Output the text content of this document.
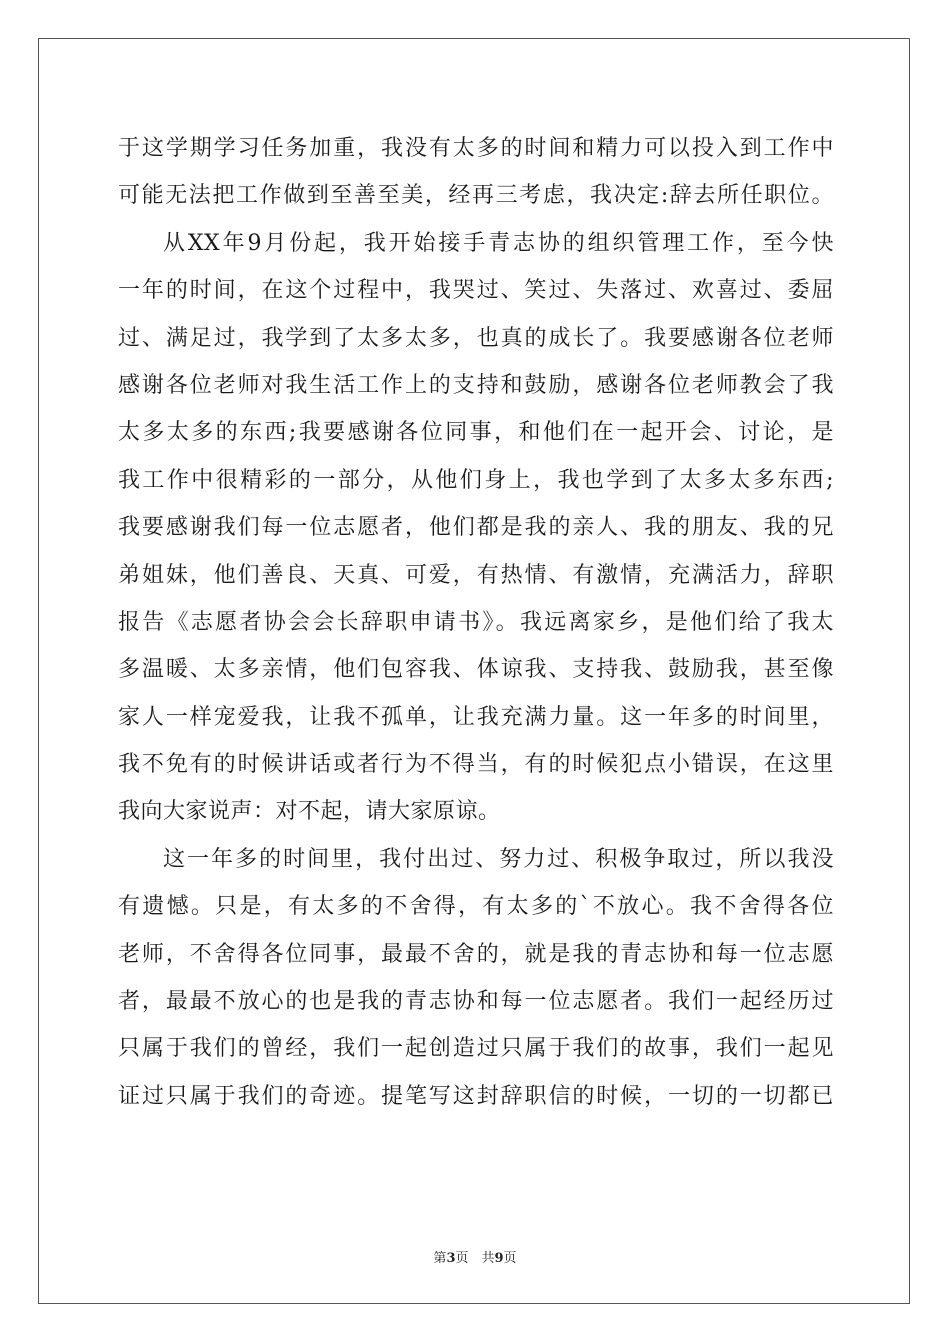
于这学期学习任务加重，我没有太多的时间和精力可以投入到工作中
可能无法把工作做到至善至美，经再三考虑，我决定:辞去所任职位。
从XX年9月份起，我开始接手青志协的组织管理工作，至今快
一年的时间，在这个过程中，我哭过、笑过、失落过、欢喜过、委屈
过、满足过，我学到了太多太多，也真的成长了。我要感谢各位老师
感谢各位老师对我生活工作上的支持和鼓励，感谢各位老师教会了我
太多太多的东西;我要感谢各位同事，和他们在一起开会、讨论，是
我工作中很精彩的一部分，从他们身上，我也学到了太多太多东西;
我要感谢我们每一位志愿者，他们都是我的亲人、我的朋友、我的兄
弟姐妹，他们善良、天真、可爱，有热情、有激情，充满活力，辞职
报告《志愿者协会会长辞职申请书》。我远离家乡，是他们给了我太
多温暖、太多亲情，他们包容我、体谅我、支持我、鼓励我，甚至像
家人一样宠爱我，让我不孤单，让我充满力量。这一年多的时间里，
我不免有的时候讲话或者行为不得当，有的时候犯点小错误，在这里
我向大家说声：对不起，请大家原谅。
这一年多的时间里，我付出过、努力过、积极争取过，所以我没
有遗憾。只是，有太多的不舍得，有太多的`不放心。我不舍得各位
老师，不舍得各位同事，最最不舍的，就是我的青志协和每一位志愿
者，最最不放心的也是我的青志协和每一位志愿者。我们一起经历过
只属于我们的曾经，我们一起创造过只属于我们的故事，我们一起见
证过只属于我们的奇迹。提笔写这封辞职信的时候，一切的一切都已
第3页　共9页
